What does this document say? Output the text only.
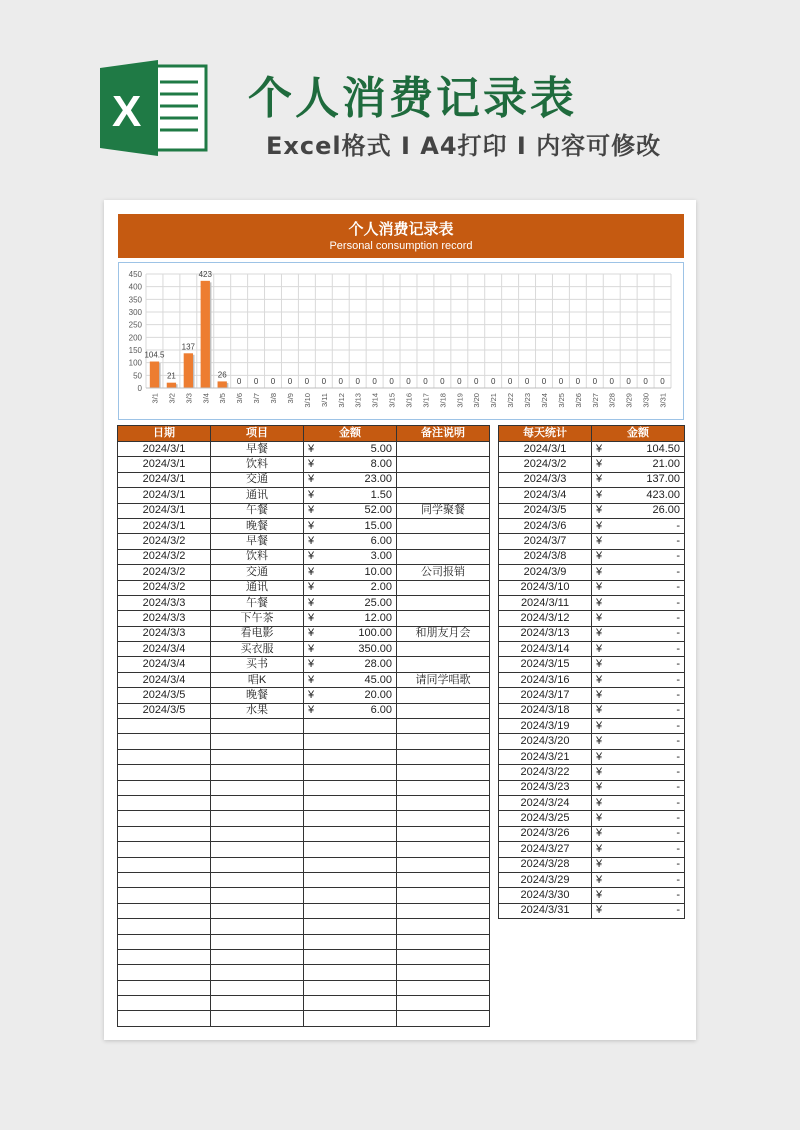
X 个人消费记录表
Excel格式 I A4打印 I 内容可修改
个人消费记录表
Personal consumption record
0
50
100
150
200
250
300
350
400
450
104.5
3/1
21
3/2
137
3/3
423
3/4
26
3/5
0
3/6
0
3/7
0
3/8
0
3/9
0
3/10
0
3/11
0
3/12
0
3/13
0
3/14
0
3/15
0
3/16
0
3/17
0
3/18
0
3/19
0
3/20
0
3/21
0
3/22
0
3/23
0
3/24
0
3/25
0
3/26
0
3/27
0
3/28
0
3/29
0
3/30
0
3/31
日期	项目	金额	备注说明
2024/3/1	早餐	¥ 5.00	

2024/3/1	饮料	¥ 8.00	

2024/3/1	交通	¥ 23.00	

2024/3/1	通讯	¥ 1.50	

2024/3/1	午餐	¥ 52.00	同学聚餐
2024/3/1	晚餐	¥ 15.00	

2024/3/2	早餐	¥ 6.00	

2024/3/2	饮料	¥ 3.00	

2024/3/2	交通	¥ 10.00	公司报销
2024/3/2	通讯	¥ 2.00	

2024/3/3	午餐	¥ 25.00	

2024/3/3	下午茶	¥ 12.00	

2024/3/3	看电影	¥ 100.00	和朋友月会
2024/3/4	买衣服	¥ 350.00	

2024/3/4	买书	¥ 28.00	

2024/3/4	唱K	¥ 45.00	请同学唱歌
2024/3/5	晚餐	¥ 20.00	

2024/3/5	水果	¥ 6.00	

每天统计	金额
2024/3/1	¥ 104.50

2024/3/2	¥ 21.00

2024/3/3	¥ 137.00

2024/3/4	¥ 423.00

2024/3/5	¥ 26.00

2024/3/6	¥ -

2024/3/7	¥ -

2024/3/8	¥ -

2024/3/9	¥ -

2024/3/10	¥ -

2024/3/11	¥ -

2024/3/12	¥ -

2024/3/13	¥ -

2024/3/14	¥ -

2024/3/15	¥ -

2024/3/16	¥ -

2024/3/17	¥ -

2024/3/18	¥ -

2024/3/19	¥ -

2024/3/20	¥ -

2024/3/21	¥ -

2024/3/22	¥ -

2024/3/23	¥ -

2024/3/24	¥ -

2024/3/25	¥ -

2024/3/26	¥ -

2024/3/27	¥ -

2024/3/28	¥ -

2024/3/29	¥ -

2024/3/30	¥ -

2024/3/31	¥ -
